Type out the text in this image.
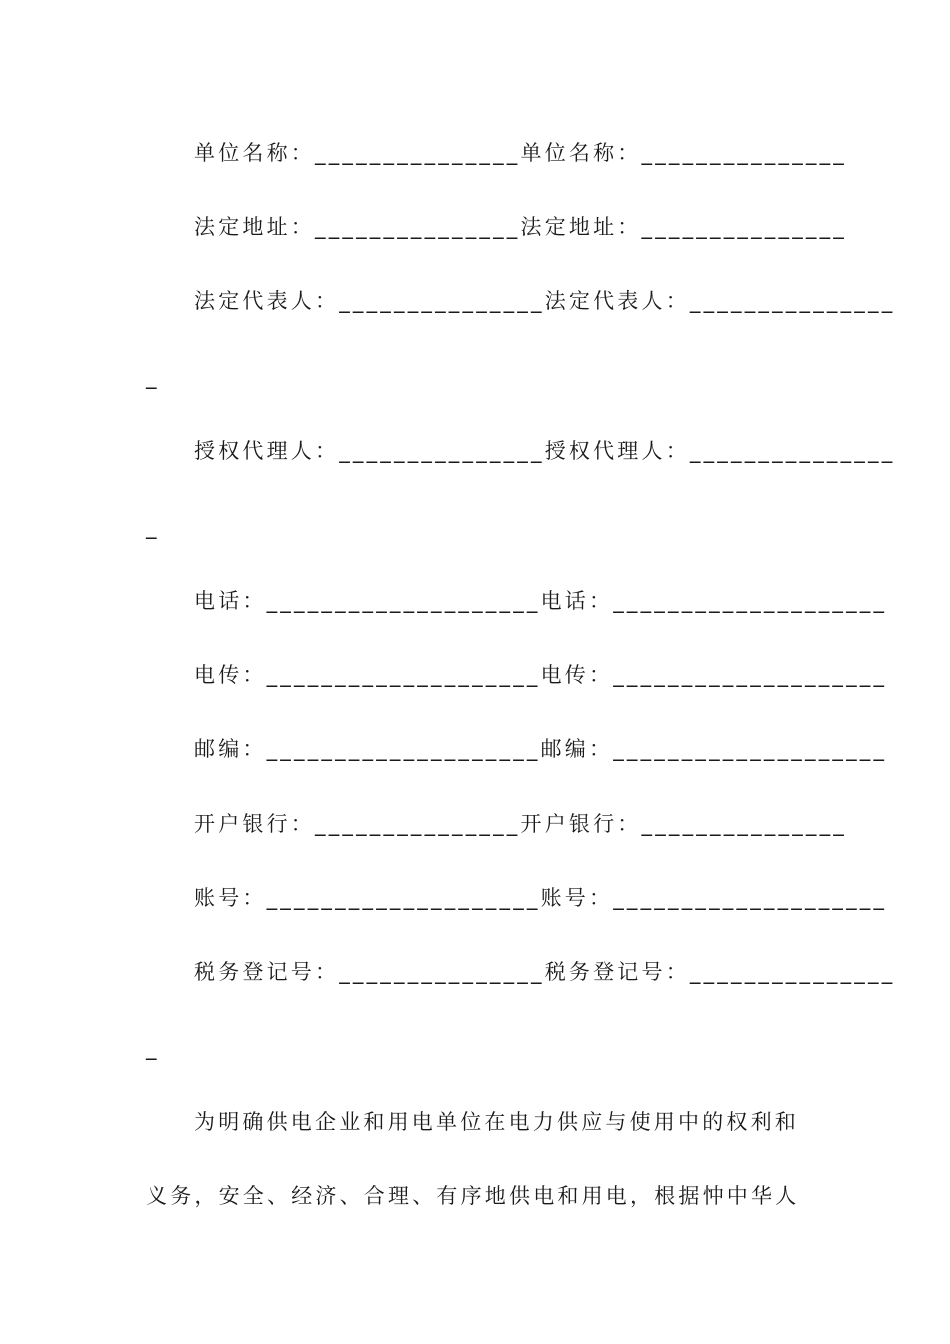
单位名称：_______________单位名称：_______________
法定地址：_______________法定地址：_______________
法定代表人：_______________法定代表人：_______________
_
授权代理人：_______________授权代理人：_______________
_
电话：____________________电话：____________________
电传：____________________电传：____________________
邮编：____________________邮编：____________________
开户银行：_______________开户银行：_______________
账号：____________________账号：____________________
税务登记号：_______________税务登记号：_______________
_
为明确供电企业和用电单位在电力供应与使用中的权利和
义务，安全、经济、合理、有序地供电和用电，根据忡中华人
